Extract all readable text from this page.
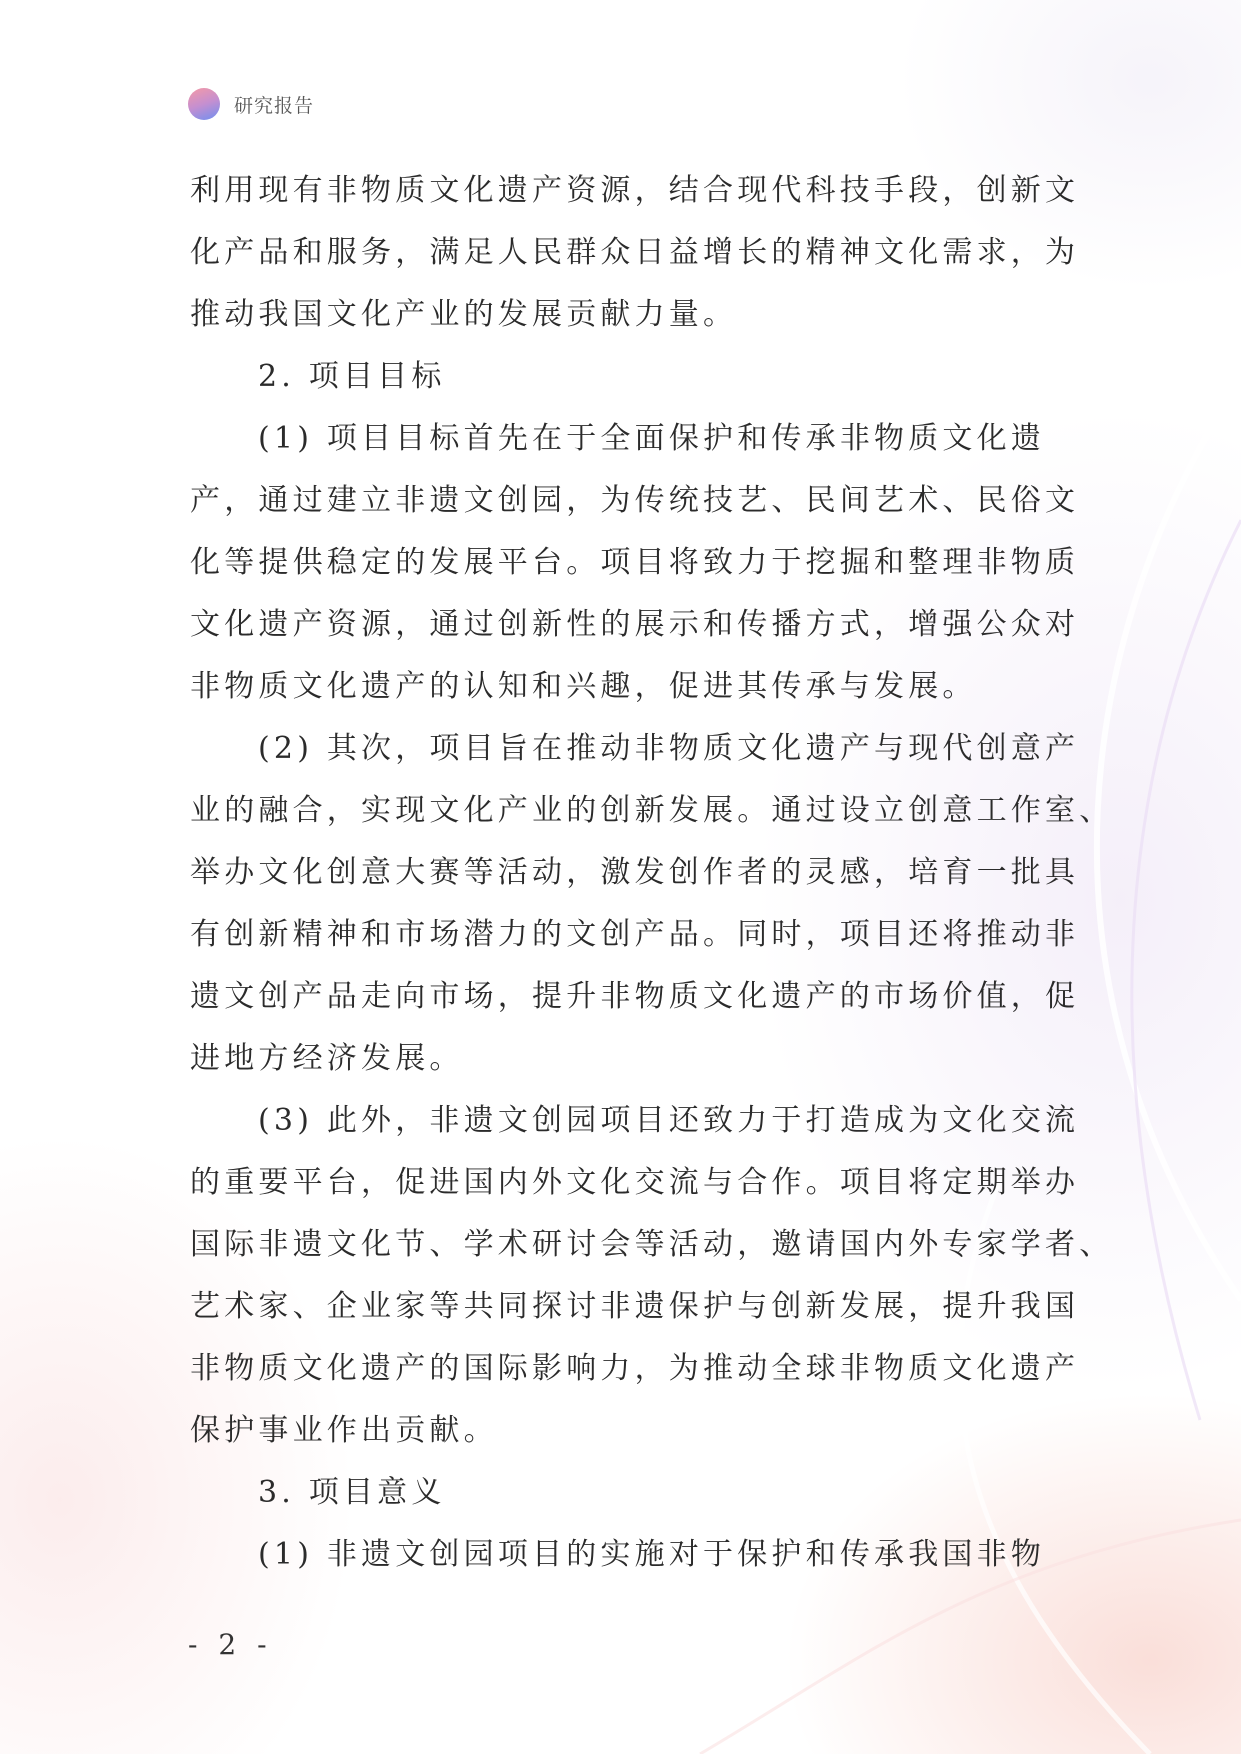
研究报告
利用现有非物质文化遗产资源，结合现代科技手段，创新文
化产品和服务，满足人民群众日益增长的精神文化需求，为
推动我国文化产业的发展贡献力量。
2. 项目目标
(1) 项目目标首先在于全面保护和传承非物质文化遗
产，通过建立非遗文创园，为传统技艺、民间艺术、民俗文
化等提供稳定的发展平台。项目将致力于挖掘和整理非物质
文化遗产资源，通过创新性的展示和传播方式，增强公众对
非物质文化遗产的认知和兴趣，促进其传承与发展。
(2) 其次，项目旨在推动非物质文化遗产与现代创意产
业的融合，实现文化产业的创新发展。通过设立创意工作室、
举办文化创意大赛等活动，激发创作者的灵感，培育一批具
有创新精神和市场潜力的文创产品。同时，项目还将推动非
遗文创产品走向市场，提升非物质文化遗产的市场价值，促
进地方经济发展。
(3) 此外，非遗文创园项目还致力于打造成为文化交流
的重要平台，促进国内外文化交流与合作。项目将定期举办
国际非遗文化节、学术研讨会等活动，邀请国内外专家学者、
艺术家、企业家等共同探讨非遗保护与创新发展，提升我国
非物质文化遗产的国际影响力，为推动全球非物质文化遗产
保护事业作出贡献。
3. 项目意义
(1) 非遗文创园项目的实施对于保护和传承我国非物
- 2 -
